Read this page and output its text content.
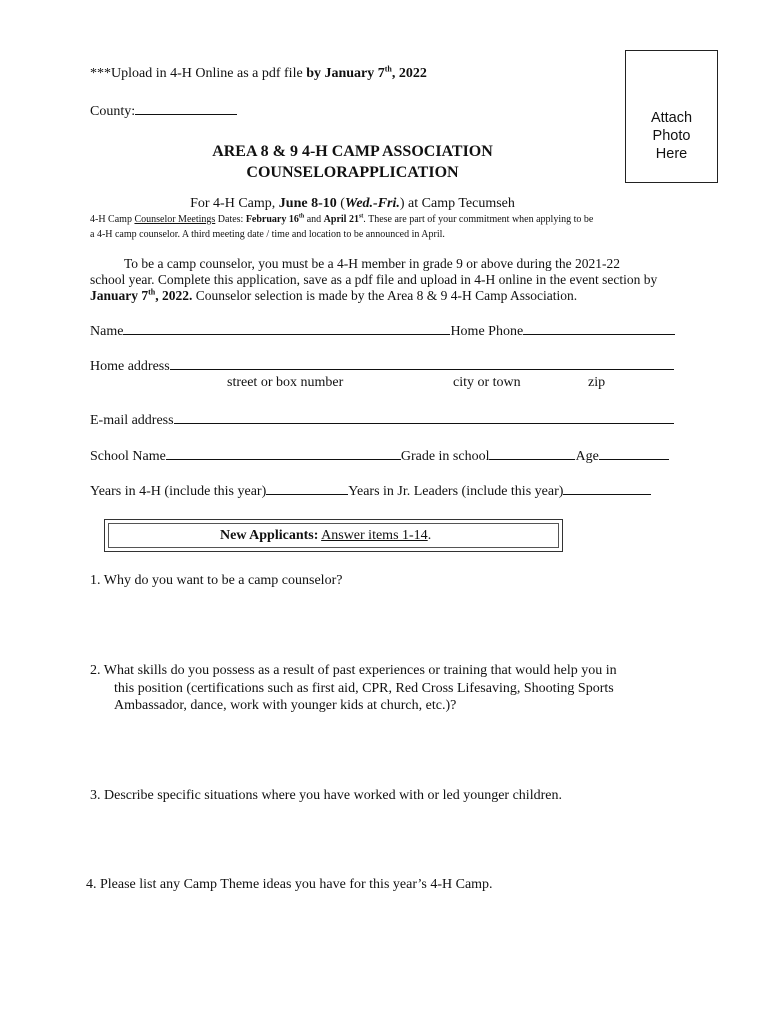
***Upload in 4-H Online as a pdf file by January 7th, 2022
County:	Attach
Photo
Here
AREA 8 & 9 4-H CAMP ASSOCIATION
COUNSELORAPPLICATION
For 4-H Camp, June 8-10 (Wed.-Fri.) at Camp Tecumseh
4-H Camp Counselor Meetings Dates: February 16th and April 21st. These are part of your commitment when applying to be
a 4-H camp counselor. A third meeting date / time and location to be announced in April.
To be a camp counselor, you must be a 4-H member in grade 9 or above during the 2021-22
school year. Complete this application, save as a pdf file and upload in 4-H online in the event section by
January 7th, 2022. Counselor selection is made by the Area 8 & 9 4-H Camp Association.
Name	Home Phone
Home address
street or box number	city or town	zip
E-mail address
School Name	Grade in school	Age
Years in 4-H (include this year)	Years in Jr. Leaders (include this year)
New Applicants: Answer items 1-14.
1. Why do you want to be a camp counselor?
2. What skills do you possess as a result of past experiences or training that would help you in
this position (certifications such as first aid, CPR, Red Cross Lifesaving, Shooting Sports
Ambassador, dance, work with younger kids at church, etc.)?
3. Describe specific situations where you have worked with or led younger children.
4. Please list any Camp Theme ideas you have for this year’s 4-H Camp.
